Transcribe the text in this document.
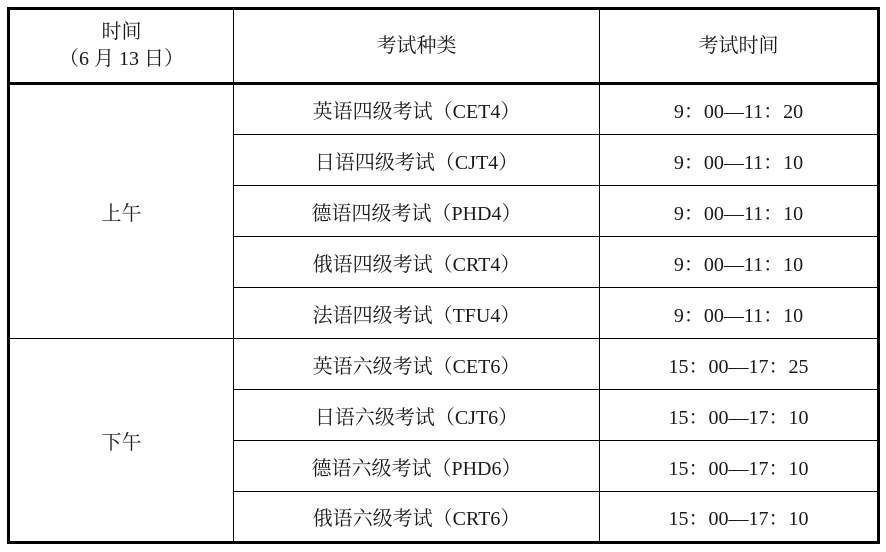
时间
（6 月 13 日）	考试种类	考试时间
上午	英语四级考试（CET4）	9：00—11：20
	日语四级考试（CJT4）	9：00—11：10
	德语四级考试（PHD4）	9：00—11：10
	俄语四级考试（CRT4）	9：00—11：10
	法语四级考试（TFU4）	9：00—11：10
下午	英语六级考试（CET6）	15：00—17：25
	日语六级考试（CJT6）	15：00—17：10
	德语六级考试（PHD6）	15：00—17：10
	俄语六级考试（CRT6）	15：00—17：10
